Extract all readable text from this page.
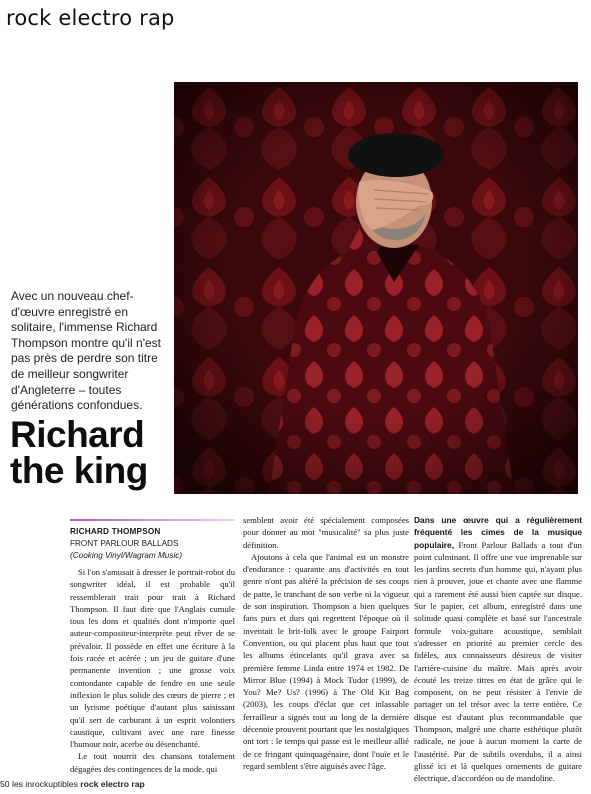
rock electro rap
Avec un nouveau chef-d'œuvre enregistré en solitaire, l'immense Richard Thompson montre qu'il n'est pas près de perdre son titre de meilleur songwriter d'Angleterre – toutes générations confondues.
Richard
the king
RICHARD THOMPSON
FRONT PARLOUR BALLADS
(Cooking Vinyl/Wagram Music)

Si l'on s'amusait à dresser le portrait-robot du songwriter idéal, il est probable qu'il ressemblerait trait pour trait à Richard Thompson. Il faut dire que l'Anglais cumule tous les dons et qualités dont n'importe quel auteur-compositeur-interprète peut rêver de se prévaloir. Il possède en effet une écriture à la fois racée et acérée ; un jeu de guitare d'une permanente invention ; une grosse voix contondante capable de fendre en une seule inflexion le plus solide des cœurs de pierre ; et un lyrisme poétique d'autant plus saisissant qu'il sert de carburant à un esprit volontiers caustique, cultivant avec une rare finesse l'humour noir, acerbe ou désenchanté.

Le tout nourrit des chansons totalement dégagées des contingences de la mode, qui

semblent avoir été spécialement composées pour donner au mot "musicalité" sa plus juste définition.

Ajoutons à cela que l'animal est un monstre d'endurance : quarante ans d'activités en tout genre n'ont pas altéré la précision de ses coups de patte, le tranchant de son verbe ni la vigueur de son inspiration. Thompson a bien quelques fans purs et durs qui regrettent l'époque où il inventait le brit-folk avec le groupe Fairport Convention, ou qui placent plus haut que tout les albums étincelants qu'il grava avec sa première femme Linda entre 1974 et 1982. De Mirror Blue (1994) à Mock Tudor (1999), de You? Me? Us? (1996) à The Old Kit Bag (2003), les coups d'éclat que cet inlassable ferrailleur a signés tout au long de la dernière décennie prouvent pourtant que les nostalgiques ont tort : le temps qui passe est le meilleur allié de ce fringant quinquagénaire, dont l'ouïe et le regard semblent s'être aiguisés avec l'âge.

Dans une œuvre qui a régulièrement fréquenté les cimes de la musique populaire, Front Parlour Ballads a tout d'un point culminant. Il offre une vue imprenable sur les jardins secrets d'un homme qui, n'ayant plus rien à prouver, joue et chante avec une flamme qui a rarement été aussi bien captée sur disque. Sur le papier, cet album, enregistré dans une solitude quasi complète et basé sur l'ancestrale formule voix-guitare acoustique, semblait s'adresser en priorité au premier cercle des fidèles, aux connaisseurs désireux de visiter l'arrière-cuisine du maître. Mais après avoir écouté les treize titres en état de grâce qui le composent, on ne peut résister à l'envie de partager un tel trésor avec la terre entière. Ce disque est d'autant plus recommandable que Thompson, malgré une charte esthétique plutôt radicale, ne joue à aucun moment la carte de l'austérité. Par de subtils overdubs, il a ainsi glissé ici et là quelques ornements de guitare électrique, d'accordéon ou de mandoline.

50 les inrockuptibles rock electro rap
